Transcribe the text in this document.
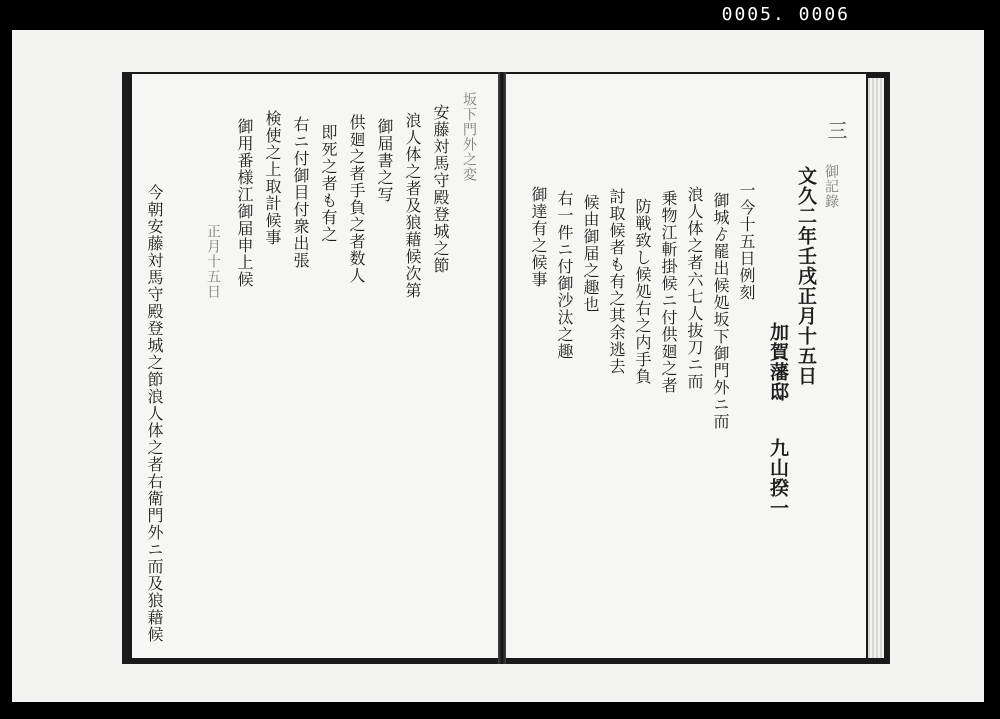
0005. 0006
坂下門外之変
安藤対馬守殿登城之節
浪人体之者及狼藉候次第
御届書之写
供廻之者手負之者数人
即死之者も有之
右ニ付御目付衆出張
検使之上取計候事
御用番様江御届申上候
正月十五日
今朝安藤対馬守殿登城之節浪人体之者右衛門外ニ而及狼藉候
三
御記錄
文久二年壬戌正月十五日
加賀藩邸
九山揆一
一今十五日例刻
御城ゟ罷出候処坂下御門外ニ而
浪人体之者六七人抜刀ニ而
乗物江斬掛候ニ付供廻之者
防戦致し候処右之内手負
討取候者も有之其余逃去
候由御届之趣也
右一件ニ付御沙汰之趣
御達有之候事
